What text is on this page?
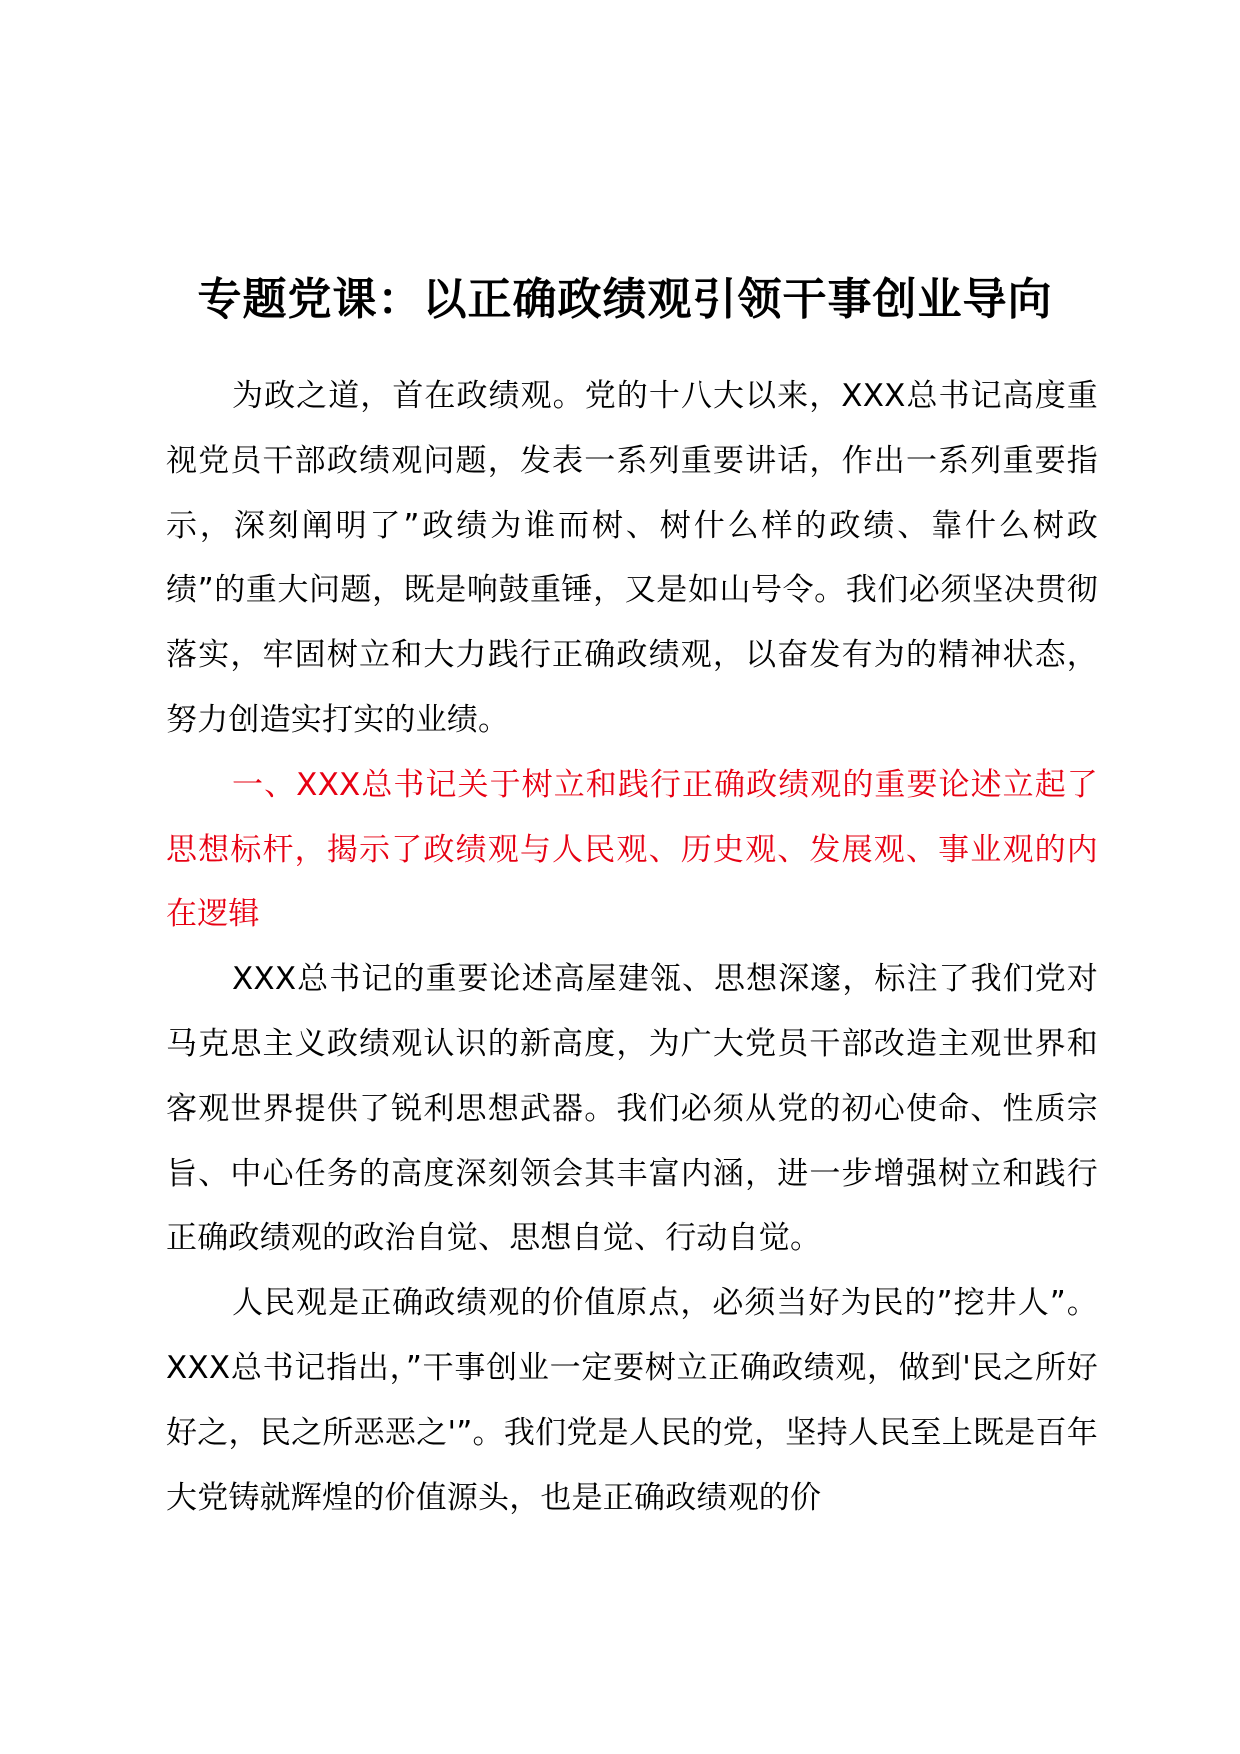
专题党课：以正确政绩观引领干事创业导向

为政之道，首在政绩观。党的十八大以来，XXX总书记高度重视党员干部政绩观问题，发表一系列重要讲话，作出一系列重要指示，深刻阐明了”政绩为谁而树、树什么样的政绩、靠什么树政绩”的重大问题，既是响鼓重锤，又是如山号令。我们必须坚决贯彻落实，牢固树立和大力践行正确政绩观，以奋发有为的精神状态，努力创造实打实的业绩。

一、XXX总书记关于树立和践行正确政绩观的重要论述立起了思想标杆，揭示了政绩观与人民观、历史观、发展观、事业观的内在逻辑

XXX总书记的重要论述高屋建瓴、思想深邃，标注了我们党对马克思主义政绩观认识的新高度，为广大党员干部改造主观世界和客观世界提供了锐利思想武器。我们必须从党的初心使命、性质宗旨、中心任务的高度深刻领会其丰富内涵，进一步增强树立和践行正确政绩观的政治自觉、思想自觉、行动自觉。

人民观是正确政绩观的价值原点，必须当好为民的”挖井人”。XXX总书记指出，”干事创业一定要树立正确政绩观，做到'民之所好好之，民之所恶恶之'”。我们党是人民的党，坚持人民至上既是百年大党铸就辉煌的价值源头，也是正确政绩观的价
